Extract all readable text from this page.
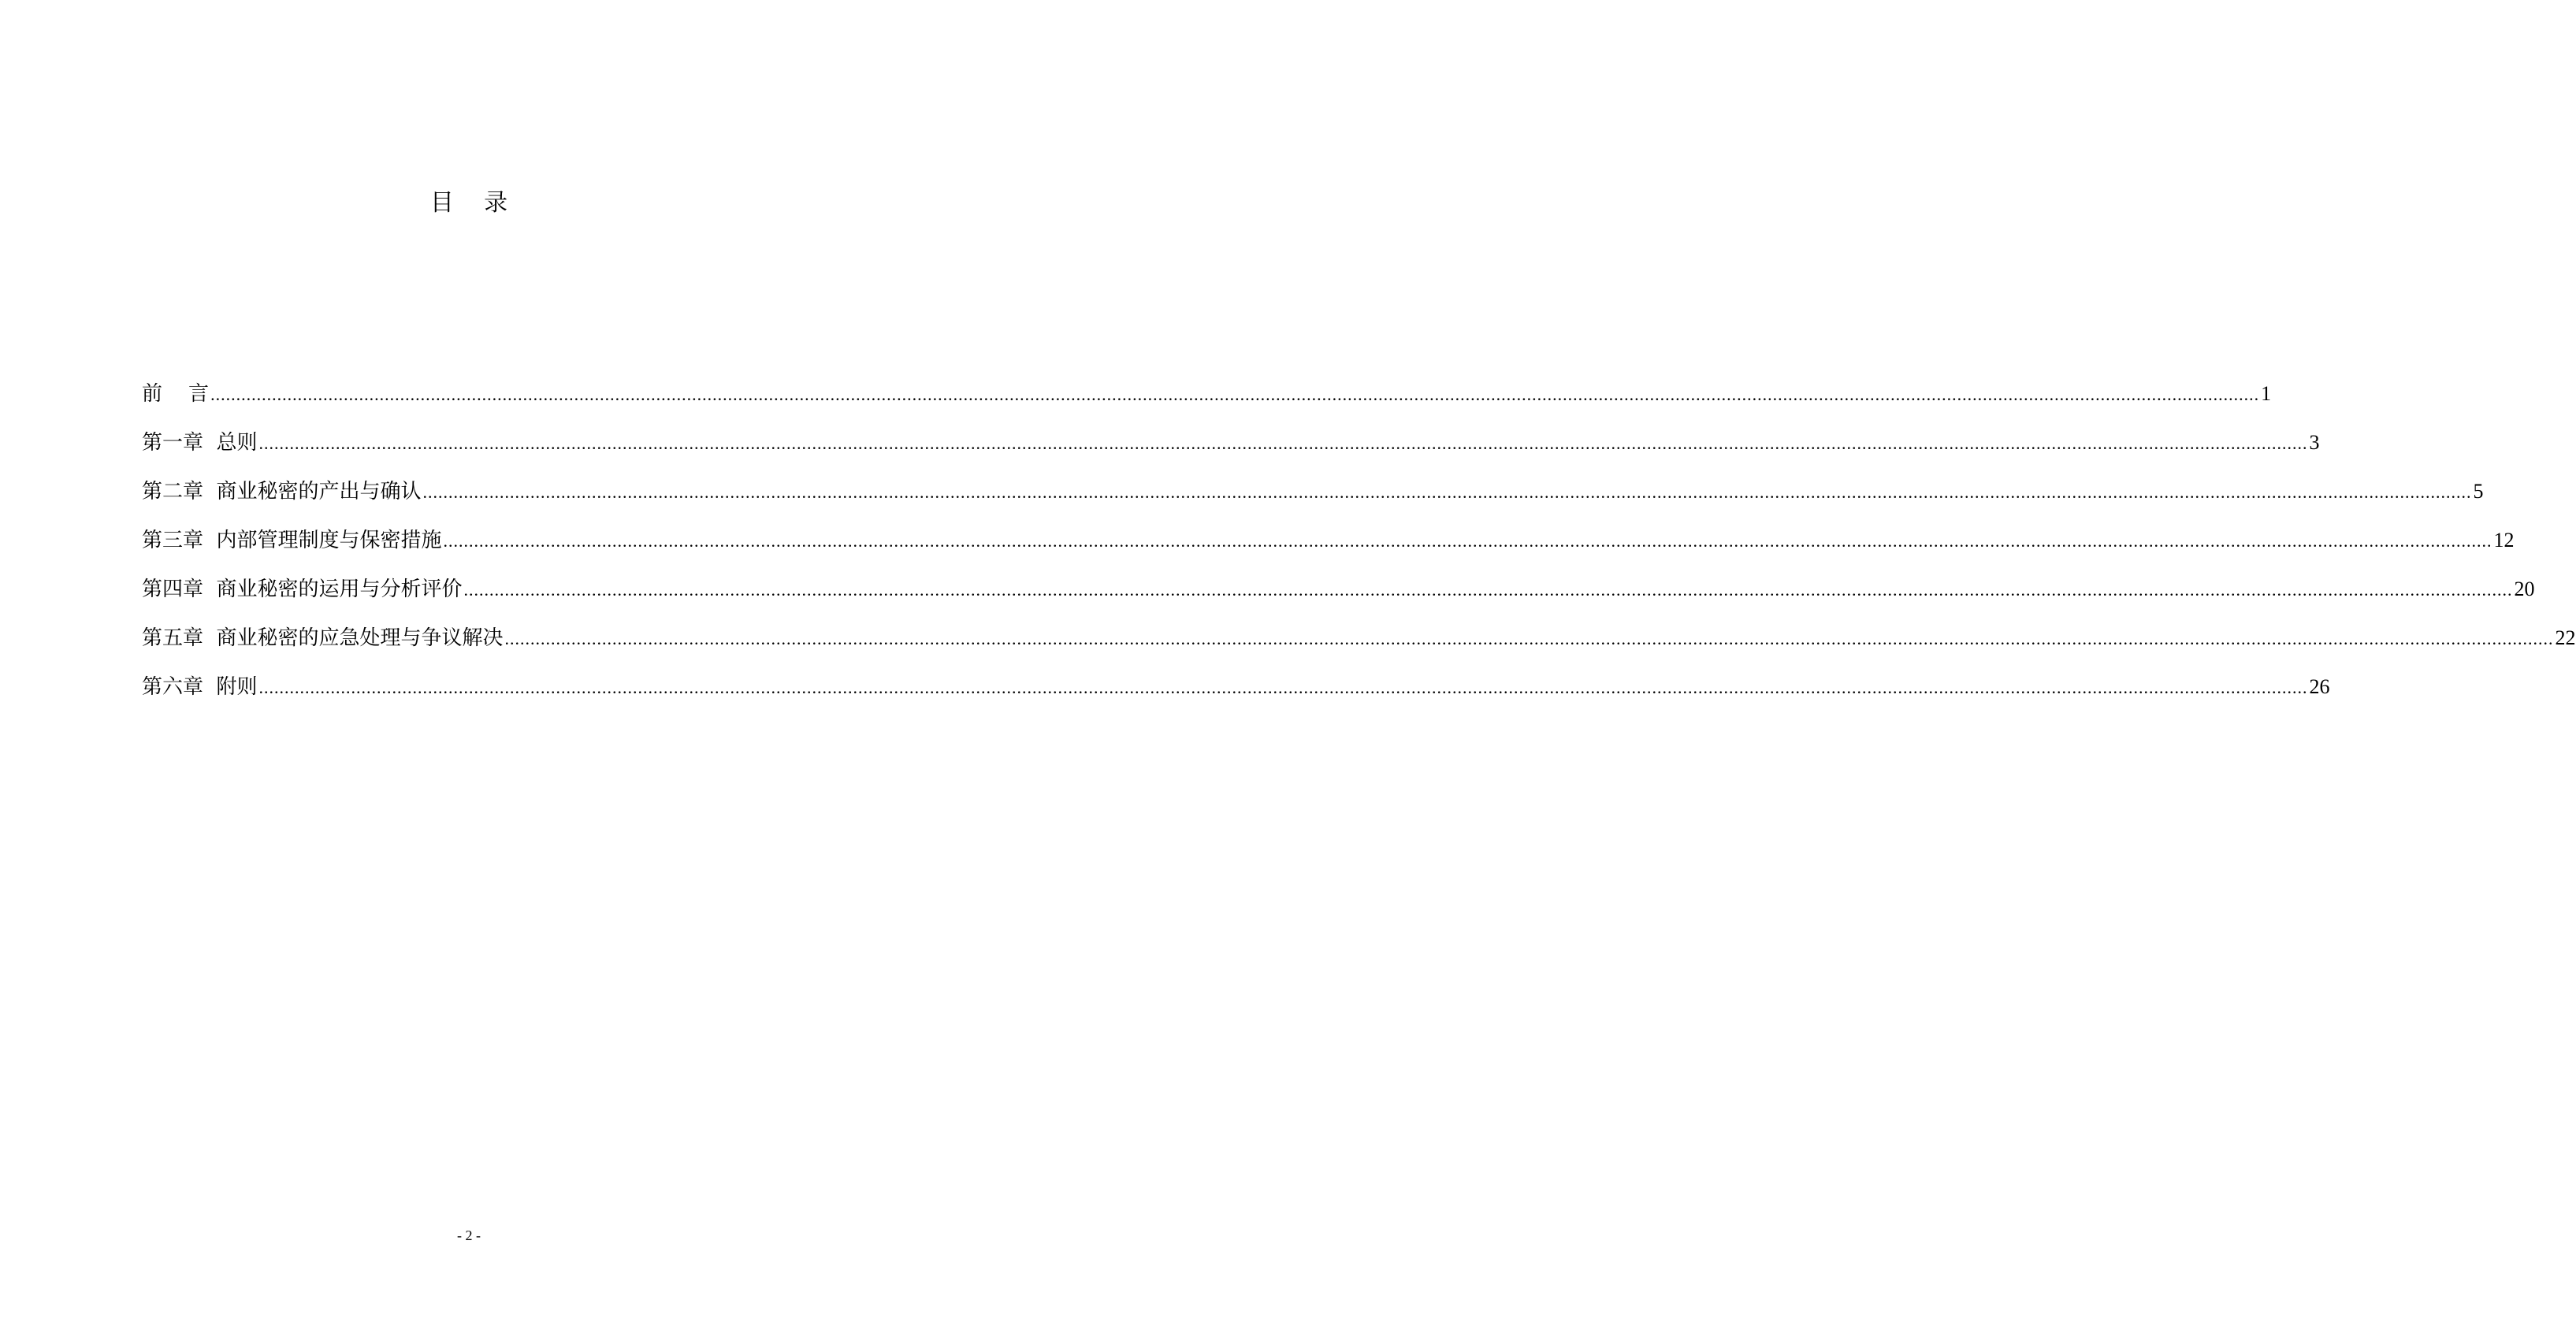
目    录
前    言 ................................................................................................................................................................................................................................................................................................................................................................................................................ 1
第一章  总则 ................................................................................................................................................................................................................................................................................................................................................................................................................ 3
第二章  商业秘密的产出与确认 ................................................................................................................................................................................................................................................................................................................................................................................................................ 5
第三章  内部管理制度与保密措施 ................................................................................................................................................................................................................................................................................................................................................................................................................ 12
第四章  商业秘密的运用与分析评价 ................................................................................................................................................................................................................................................................................................................................................................................................................ 20
第五章  商业秘密的应急处理与争议解决 ................................................................................................................................................................................................................................................................................................................................................................................................................ 22
第六章  附则 ................................................................................................................................................................................................................................................................................................................................................................................................................ 26
- 2 -
